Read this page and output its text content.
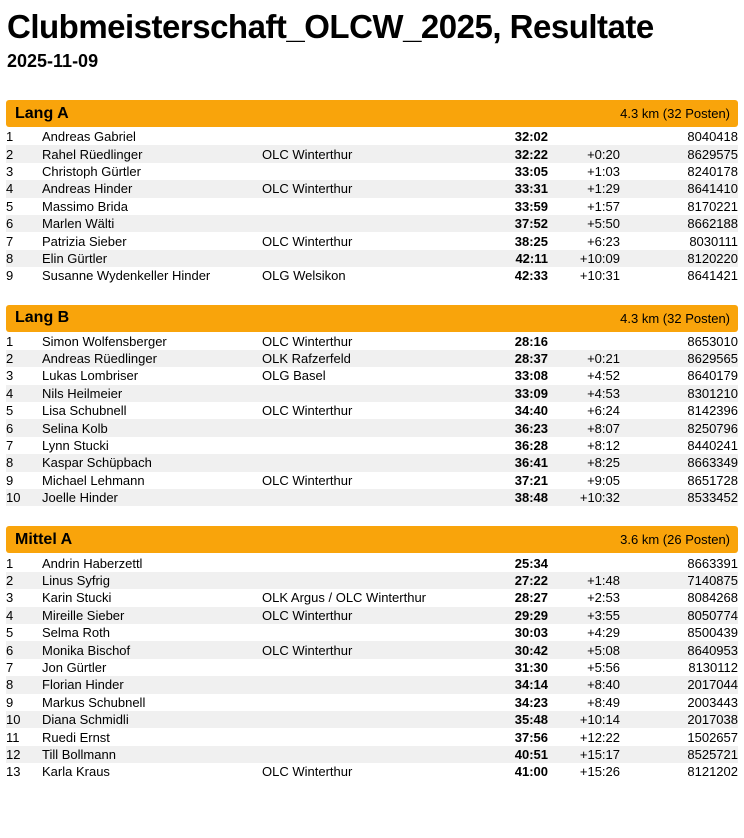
Clubmeisterschaft_OLCW_2025, Resultate
2025-11-09
Lang A	4.3 km (32 Posten)
1	Andreas Gabriel		32:02		8040418
2	Rahel Rüedlinger	OLC Winterthur	32:22	+0:20	8629575
3	Christoph Gürtler		33:05	+1:03	8240178
4	Andreas Hinder	OLC Winterthur	33:31	+1:29	8641410
5	Massimo Brida		33:59	+1:57	8170221
6	Marlen Wälti		37:52	+5:50	8662188
7	Patrizia Sieber	OLC Winterthur	38:25	+6:23	8030111
8	Elin Gürtler		42:11	+10:09	8120220
9	Susanne Wydenkeller Hinder	OLG Welsikon	42:33	+10:31	8641421
Lang B	4.3 km (32 Posten)
1	Simon Wolfensberger	OLC Winterthur	28:16		8653010
2	Andreas Rüedlinger	OLK Rafzerfeld	28:37	+0:21	8629565
3	Lukas Lombriser	OLG Basel	33:08	+4:52	8640179
4	Nils Heilmeier		33:09	+4:53	8301210
5	Lisa Schubnell	OLC Winterthur	34:40	+6:24	8142396
6	Selina Kolb		36:23	+8:07	8250796
7	Lynn Stucki		36:28	+8:12	8440241
8	Kaspar Schüpbach		36:41	+8:25	8663349
9	Michael Lehmann	OLC Winterthur	37:21	+9:05	8651728
10	Joelle Hinder		38:48	+10:32	8533452
Mittel A	3.6 km (26 Posten)
1	Andrin Haberzettl		25:34		8663391
2	Linus Syfrig		27:22	+1:48	7140875
3	Karin Stucki	OLK Argus / OLC Winterthur	28:27	+2:53	8084268
4	Mireille Sieber	OLC Winterthur	29:29	+3:55	8050774
5	Selma Roth		30:03	+4:29	8500439
6	Monika Bischof	OLC Winterthur	30:42	+5:08	8640953
7	Jon Gürtler		31:30	+5:56	8130112
8	Florian Hinder		34:14	+8:40	2017044
9	Markus Schubnell		34:23	+8:49	2003443
10	Diana Schmidli		35:48	+10:14	2017038
11	Ruedi Ernst		37:56	+12:22	1502657
12	Till Bollmann		40:51	+15:17	8525721
13	Karla Kraus	OLC Winterthur	41:00	+15:26	8121202
